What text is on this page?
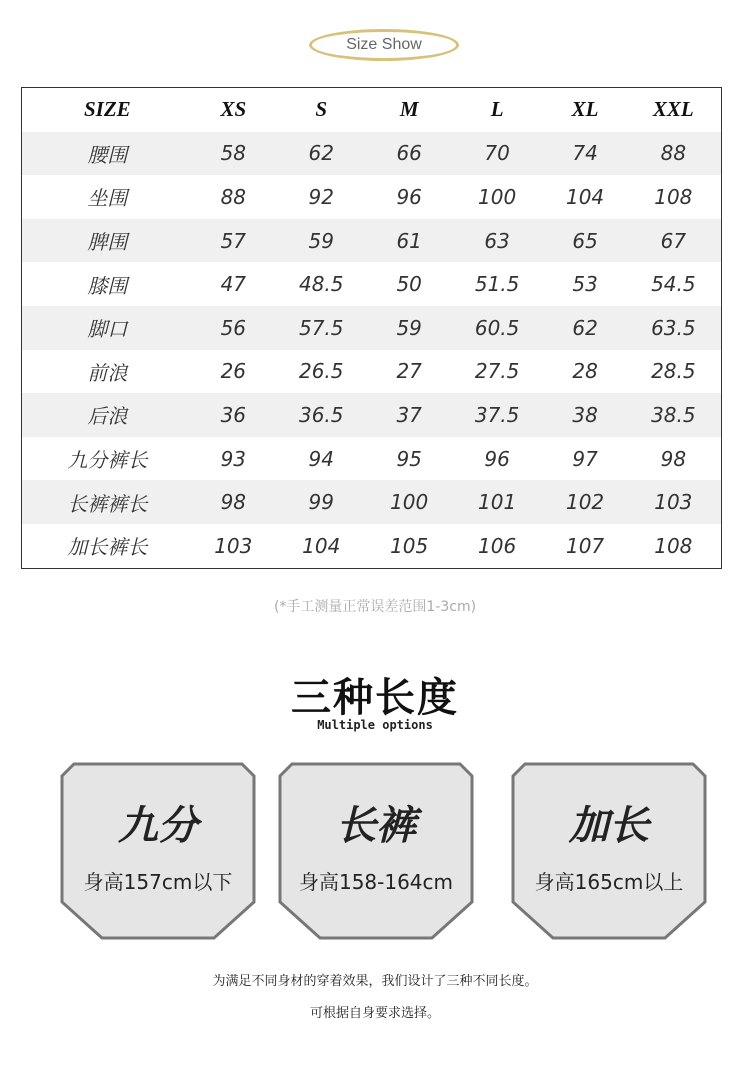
Size Show
SIZE	XS	S	M	L	XL	XXL
腰围	58	62	66	70	74	88
坐围	88	92	96	100	104	108
脾围	57	59	61	63	65	67
膝围	47	48.5	50	51.5	53	54.5
脚口	56	57.5	59	60.5	62	63.5
前浪	26	26.5	27	27.5	28	28.5
后浪	36	36.5	37	37.5	38	38.5
九分裤长	93	94	95	96	97	98
长裤裤长	98	99	100	101	102	103
加长裤长	103	104	105	106	107	108
(*手工测量正常误差范围1-3cm)
三种长度
Multiple options
九分
身高157cm以下
长裤
身高158-164cm
加长
身高165cm以上
为满足不同身材的穿着效果，我们设计了三种不同长度。
可根据自身要求选择。
